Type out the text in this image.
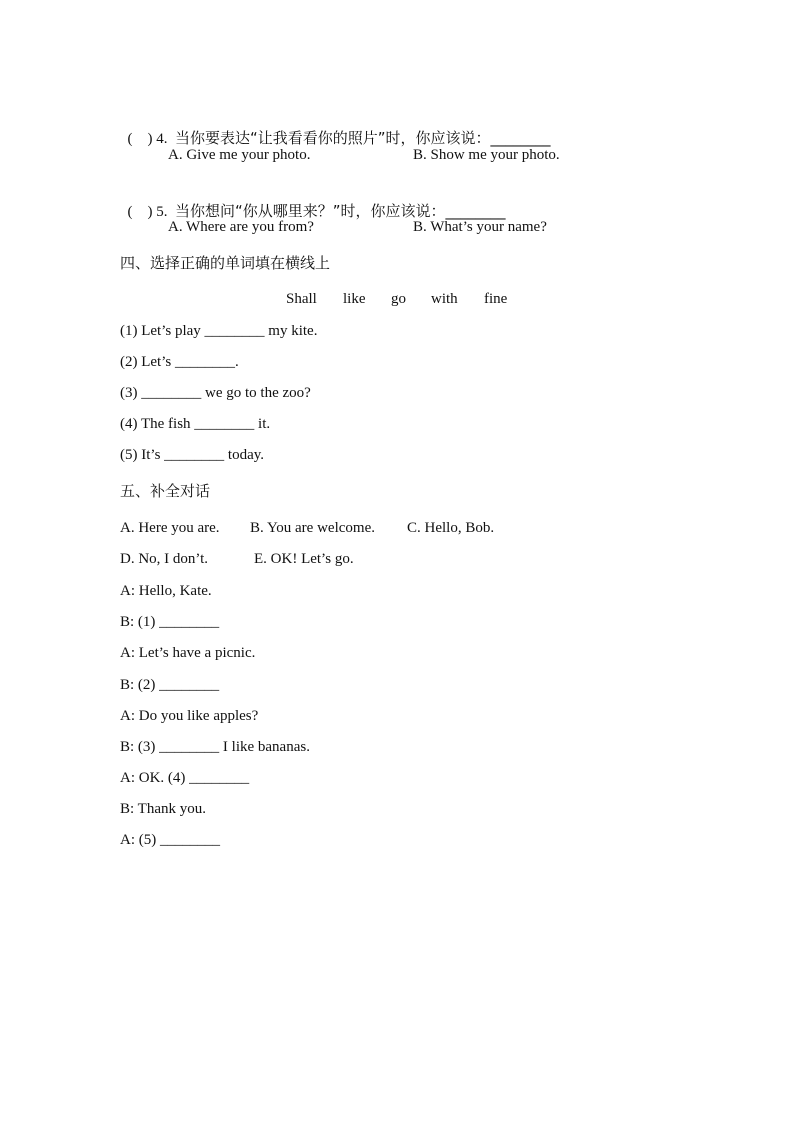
(    ) 4.  当你要表达“让我看看你的照片”时，你应该说：________

A. Give me your photo.	B. Show me your photo.

(    ) 5.  当你想问“你从哪里来？”时，你应该说：________

A. Where are you from?	B. What’s your name?
四、选择正确的单词填在横线上
Shall like go with fine
(1) Let’s play ________ my kite.
(2) Let’s ________.
(3) ________ we go to the zoo?
(4) The fish ________ it.
(5) It’s ________ today.
五、补全对话
A. Here you are. B. You are welcome. C. Hello, Bob.
D. No, I don’t.	E. OK! Let’s go.
A: Hello, Kate.
B: (1) ________
A: Let’s have a picnic.
B: (2) ________
A: Do you like apples?
B: (3) ________ I like bananas.
A: OK. (4) ________
B: Thank you.
A: (5) ________
